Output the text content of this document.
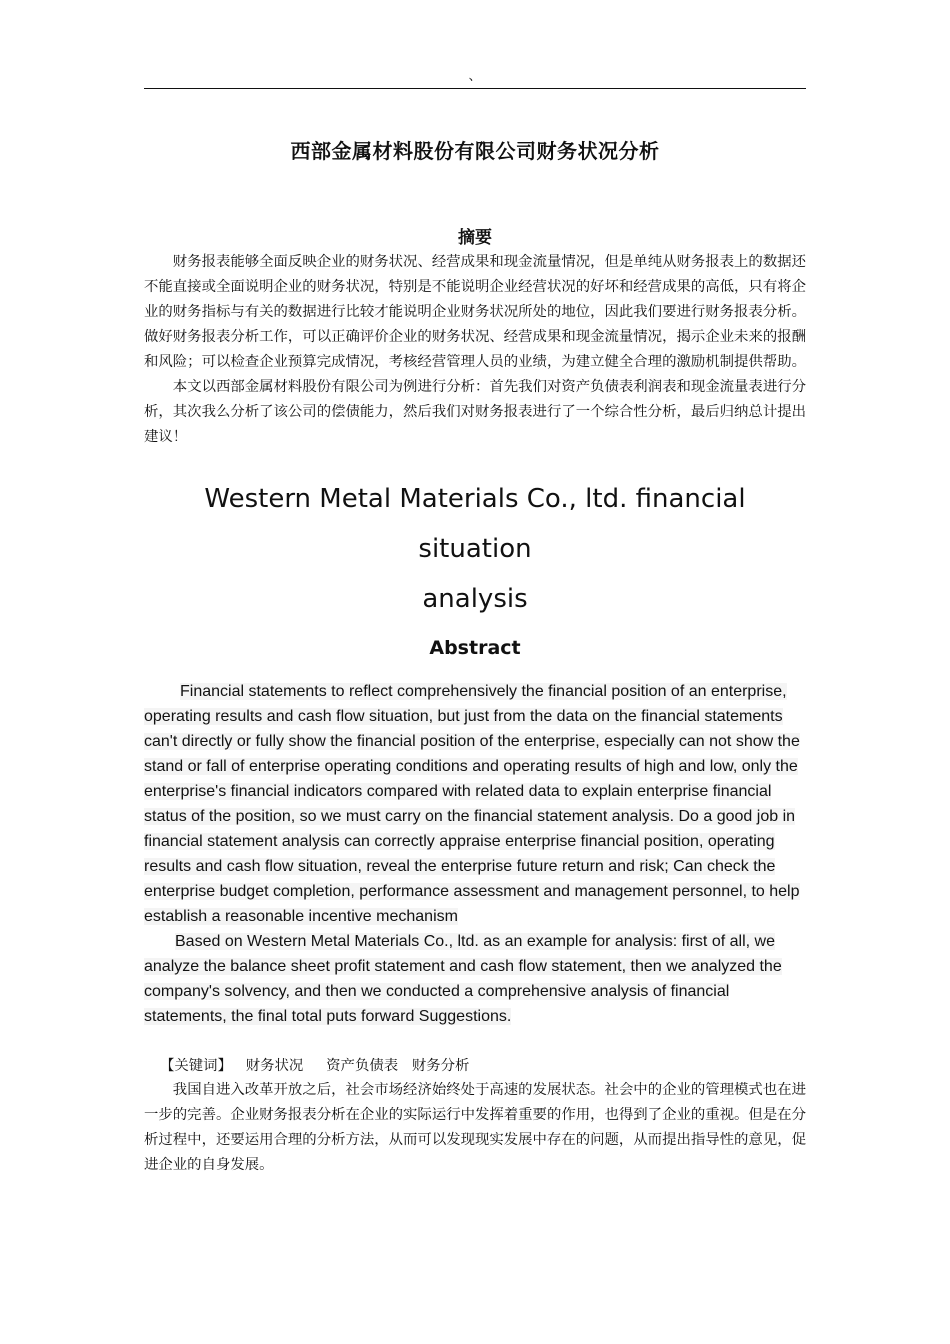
、
西部金属材料股份有限公司财务状况分析
摘要

财务报表能够全面反映企业的财务状况、经营成果和现金流量情况，但是单纯从财务报表上的数据还不能直接或全面说明企业的财务状况，特别是不能说明企业经营状况的好坏和经营成果的高低，只有将企业的财务指标与有关的数据进行比较才能说明企业财务状况所处的地位，因此我们要进行财务报表分析。做好财务报表分析工作，可以正确评价企业的财务状况、经营成果和现金流量情况，揭示企业未来的报酬和风险；可以检查企业预算完成情况，考核经营管理人员的业绩，为建立健全合理的激励机制提供帮助。

本文以西部金属材料股份有限公司为例进行分析：首先我们对资产负债表利润表和现金流量表进行分析，其次我么分析了该公司的偿债能力，然后我们对财务报表进行了一个综合性分析，最后归纳总计提出建议！

Western Metal Materials Co., ltd. financial situation
analysis
Abstract

Financial statements to reflect comprehensively the financial position of an enterprise, operating results and cash flow situation, but just from the data on the financial statements can't directly or fully show the financial position of the enterprise, especially can not show the stand or fall of enterprise operating conditions and operating results of high and low, only the enterprise's financial indicators compared with related data to explain enterprise financial status of the position, so we must carry on the financial statement analysis. Do a good job in financial statement analysis can correctly appraise enterprise financial position, operating results and cash flow situation, reveal the enterprise future return and risk; Can check the enterprise budget completion, performance assessment and management personnel, to help establish a reasonable incentive mechanism

Based on Western Metal Materials Co., ltd. as an example for analysis: first of all, we analyze the balance sheet profit statement and cash flow statement, then we analyzed the company's solvency, and then we conducted a comprehensive analysis of financial statements, the final total puts forward Suggestions.

【关键词】 财务状况 资产负债表 财务分析

我国自进入改革开放之后，社会市场经济始终处于高速的发展状态。社会中的企业的管理模式也在进一步的完善。企业财务报表分析在企业的实际运行中发挥着重要的作用，也得到了企业的重视。但是在分析过程中，还要运用合理的分析方法，从而可以发现现实发展中存在的问题，从而提出指导性的意见，促进企业的自身发展。
